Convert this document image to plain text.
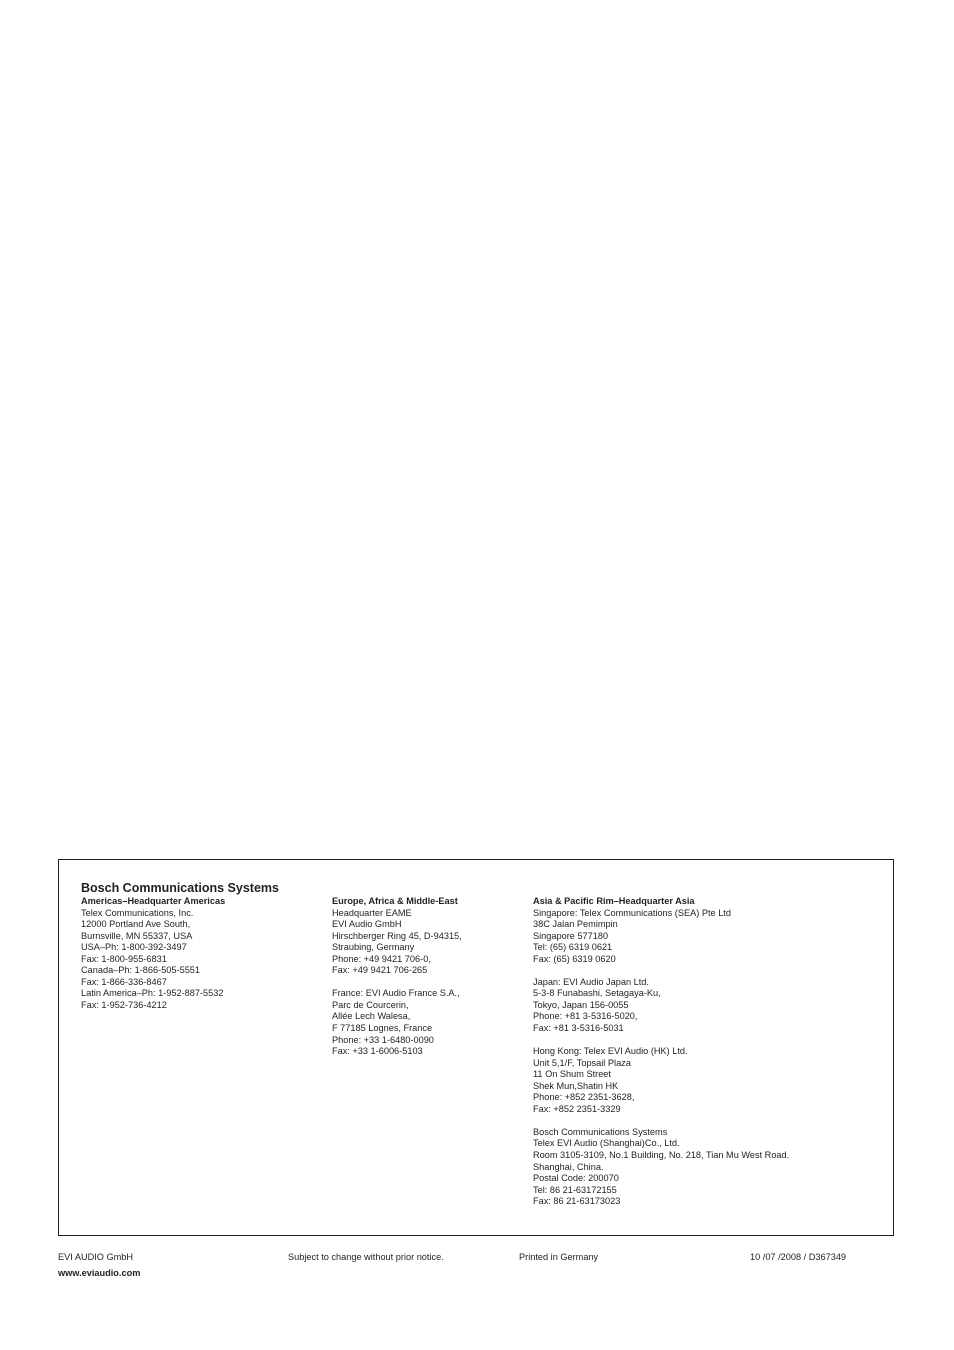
Bosch Communications Systems
Americas–Headquarter Americas
Telex Communications, Inc.
12000 Portland Ave South,
Burnsville, MN 55337, USA
USA–Ph: 1-800-392-3497
Fax: 1-800-955-6831
Canada–Ph: 1-866-505-5551
Fax: 1-866-336-8467
Latin America–Ph: 1-952-887-5532
Fax: 1-952-736-4212
Europe, Africa & Middle-East
Headquarter EAME
EVI Audio GmbH
Hirschberger Ring 45, D-94315,
Straubing, Germany
Phone: +49 9421 706-0,
Fax: +49 9421 706-265
France: EVI Audio France S.A.,
Parc de Courcerin,
Allée Lech Walesa,
F 77185 Lognes, France
Phone: +33 1-6480-0090
Fax: +33 1-6006-5103
Asia & Pacific Rim–Headquarter Asia
Singapore: Telex Communications (SEA) Pte Ltd
38C Jalan Pemimpin
Singapore 577180
Tel: (65) 6319 0621
Fax: (65) 6319 0620
Japan: EVI Audio Japan Ltd.
5-3-8 Funabashi, Setagaya-Ku,
Tokyo, Japan 156-0055
Phone: +81 3-5316-5020,
Fax: +81 3-5316-5031
Hong Kong: Telex EVI Audio (HK) Ltd.
Unit 5,1/F, Topsail Plaza
11 On Shum Street
Shek Mun,Shatin HK
Phone: +852 2351-3628,
Fax: +852 2351-3329
Bosch Communications Systems
Telex EVI Audio (Shanghai)Co., Ltd.
Room 3105-3109, No.1 Building, No. 218, Tian Mu West Road.
Shanghai, China.
Postal Code: 200070
Tel: 86 21-63172155
Fax: 86 21-63173023
EVI AUDIO GmbH	Subject to change without prior notice.	Printed in Germany	10 /07 /2008 / D367349
www.eviaudio.com
